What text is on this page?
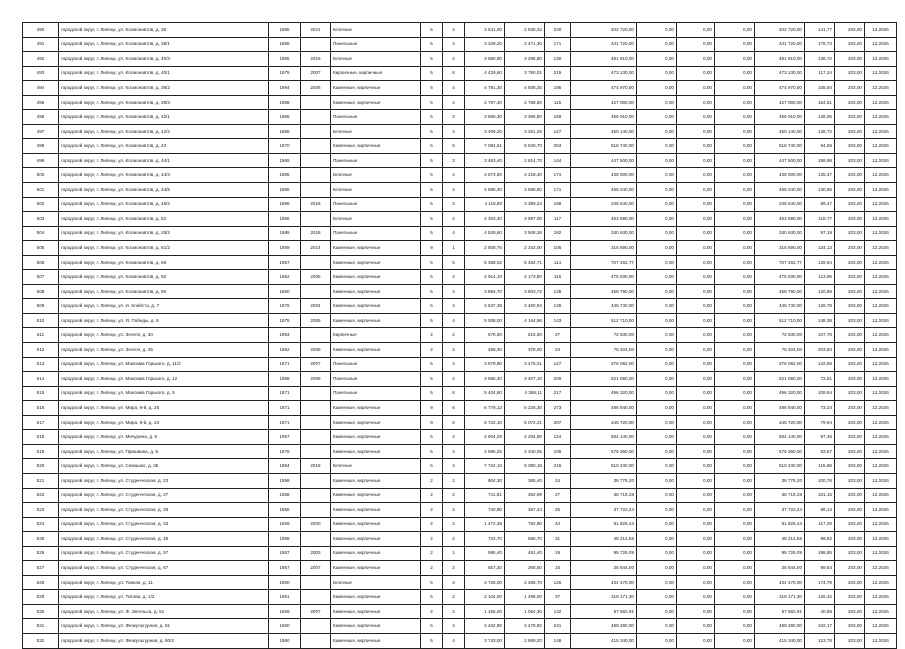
490	городской округ, г. Липецк, ул. Космонавтов, д. 36	1965	2021	Блочные	5	4	3 541,00	2 836,32	240	402 720,00	0,00	0,00	0,00	402 720,00	141,77	203,00	12.2026
491	городской округ, г. Липецк, ул. Космонавтов, д. 38/1	1965		Панельные	5	4	3 328,20	2 471,30	171	441 720,00	0,00	0,00	0,00	441 720,00	178,73	203,00	12.2026
492	городской округ, г. Липецк, ул. Космонавтов, д. 40/3	1965	2016	Блочные	5	4	3 880,90	3 286,80	130	481 910,00	0,00	0,00	0,00	481 910,00	136,72	203,00	12.2026
493	городской округ, г. Липецк, ул. Космонавтов, д. 40/1	1975	2007	Кирпичные, кирпичные	5	6	4 429,60	3 790,01	215	473 130,00	0,00	0,00	0,00	473 130,00	117,24	203,00	12.2026
494	городской округ, г. Липецк, ул. Космонавтов, д. 39/2	1964	2006	Каменные, кирпичные	5	4	4 791,30	4 508,25	195	474 970,00	0,00	0,00	0,00	474 970,00	105,94	203,00	12.2026
495	городской округ, г. Липецк, ул. Космонавтов, д. 39/3	1968		Каменные, кирпичные	5	4	2 797,40	2 768,50	115	427 060,00	0,00	0,00	0,00	427 060,00	154,51	203,00	12.2026
496	городской округ, г. Липецк, ул. Космонавтов, д. 42/1	1965		Панельные	5	3	3 565,30	3 366,80	159	456 910,00	0,00	0,00	0,00	456 910,00	136,06	203,00	12.2026
497	городской округ, г. Липецк, ул. Космонавтов, д. 42/2	1965		Блочные	5	4	3 409,20	3 261,29	127	450 140,00	0,00	0,00	0,00	450 140,00	138,72	203,00	12.2026
498	городской округ, г. Липецк, ул. Космонавтов, д. 43	1970		Каменные, кирпичные	5	5	7 084,51	5 940,70	263	518 740,00	0,00	0,00	0,00	518 740,00	94,86	203,00	12.2026
499	городской округ, г. Липецк, ул. Космонавтов, д. 44/1	1965		Панельные	5	3	3 463,40	2 814,70	144	447 500,00	0,00	0,00	0,00	447 500,00	158,98	203,00	12.2026
500	городской округ, г. Липецк, ул. Космонавтов, д. 44/3	1965		Блочные	5	4	3 673,60	3 218,40	174	436 000,00	0,00	0,00	0,00	436 000,00	135,47	203,00	12.2026
501	городской округ, г. Липецк, ул. Космонавтов, д. 44/5	1966		Блочные	5	4	4 995,40	3 568,60	171	466 240,00	0,00	0,00	0,00	466 240,00	130,65	203,00	12.2026
502	городской округ, г. Липецк, ул. Космонавтов, д. 46/2	1966	2018	Панельные	5	3	4 118,80	3 359,24	168	248 540,00	0,00	0,00	0,00	248 540,00	89,47	203,00	12.2026
503	городской округ, г. Липецк, ул. Космонавтов, д. 52	1966		Блочные	5	4	4 303,40	3 897,00	117	463 590,00	0,00	0,00	0,00	463 590,00	118,77	203,00	12.2026
504	городской округ, г. Липецк, ул. Космонавтов, д. 28/2	1985	2018	Панельные	5	4	4 529,60	3 508,36	182	340 630,00	0,00	0,00	0,00	340 630,00	97,19	203,00	12.2026
505	городской округ, г. Липецк, ул. Космонавтов, д. 61/2	1959	2014	Каменные, кирпичные	9	1	2 808,76	2 342,00	106	316 690,00	0,00	0,00	0,00	316 690,00	134,13	203,00	12.2026
506	городской округ, г. Липецк, ул. Космонавтов, д. 66	1957		Каменные, кирпичные	5	5	5 368,02	5 484,71	114	707 462,77	0,00	0,00	0,00	707 462,77	128,94	203,00	12.2026
507	городской округ, г. Липецк, ул. Космонавтов, д. 92	1962	2005	Каменные, кирпичные	5	4	4 914,10	4 173,80	116	475 930,00	0,00	0,00	0,00	475 930,00	113,96	203,00	12.2026
508	городской округ, г. Липецк, ул. Космонавтов, д. 90	1960		Каменные, кирпичные	5	4	3 894,70	3 803,72	136	458 780,00	0,00	0,00	0,00	458 780,00	120,59	203,00	12.2026
509	городской округ, г. Липецк, ул. И. Клейста, д. 7	1976	2004	Каменные, кирпичные	5	4	4 537,38	3 460,94	136	445 730,00	0,00	0,00	0,00	445 730,00	128,78	203,00	12.2026
510	городской округ, г. Липецк, ул. Я. Победы, д. 9	1975	2005	Каменные, кирпичные	5	4	5 008,00	4 164,96	143	512 710,00	0,00	0,00	0,00	512 710,00	148,38	203,00	12.2026
511	городской округ, г. Липецк, ул. Зегеля, д. 30	1954		Кирпичные	2	2	676,90	615,90	27	72 830,00	0,00	0,00	0,00	72 830,00	107,79	203,00	12.2026
512	городской округ, г. Липецк, ул. Зегеля, д. 45	1952	2008	Каменные, кирпичные	2	2	458,30	378,00	24	76 404,00	0,00	0,00	0,00	76 404,00	203,64	203,00	12.2026
513	городской округ, г. Липецк, ул. Максима Горького, д. 11/2	1971	2007	Панельные	5	4	3 879,90	3 476,01	127	376 082,00	0,00	0,00	0,00	376 082,00	142,58	203,00	12.2026
514	городской округ, г. Липецк, ул. Максима Горького, д. 12	1968	2009	Панельные	5	4	3 655,40	3 407,10	209	521 050,00	0,00	0,00	0,00	521 050,00	72,61	203,00	12.2026
515	городской округ, г. Липецк, ул. Максима Горького, д. 5	1971		Панельные	5	6	5 404,80	4 368,11	217	496 320,00	0,00	0,00	0,00	496 320,00	109,64	203,00	12.2026
516	городской округ, г. Липецк, ул. Мира, 9-й, д. 25	1971		Каменные, кирпичные	9	6	6 779,13	5 225,30	273	496 940,00	0,00	0,00	0,00	496 940,00	73,34	203,00	12.2026
517	городской округ, г. Липецк, ул. Мира, 9-й, д. 34	1971		Каменные, кирпичные	9	6	6 722,10	5 072,21	287	445 720,00	0,00	0,00	0,00	445 720,00	79,94	203,00	12.2026
518	городской округ, г. Липецк, ул. Мичурина, д. 5	1967		Каменные, кирпичные	5	4	4 604,29	4 204,90	124	584 140,00	0,00	0,00	0,00	584 140,00	97,46	203,00	12.2026
519	городской округ, г. Липецк, ул. Пришвина, д. 5	1975		Каменные, кирпичные	5	4	4 986,25	4 340,05	105	576 360,00	0,00	0,00	0,00	576 360,00	83,57	203,00	12.2026
520	городской округ, г. Липецк, ул. Семашко, д. 35	1964	2018	Блочные	5	4	7 724,10	6 390,15	215	510 230,00	0,00	0,00	0,00	510 230,00	115,86	203,00	12.2026
521	городской округ, г. Липецк, ул. Студенческая, д. 23	1958		Каменные, кирпичные	2	2	804,30	385,40	24	38 779,20	0,00	0,00	0,00	38 779,20	100,76	203,00	12.2026
522	городской округ, г. Липецк, ул. Студенческая, д. 27	1958		Каменные, кирпичные	2	2	741,81	362,99	27	36 716,28	0,00	0,00	0,00	36 716,28	101,15	203,00	12.2026
523	городской округ, г. Липецк, ул. Студенческая, д. 29	1956		Каменные, кирпичные	2	2	740,90	367,44	25	37 722,24	0,00	0,00	0,00	37 722,24	88,14	203,00	12.2026
524	городской округ, г. Липецк, ул. Студенческая, д. 43	1959	2000	Каменные, кирпичные	2	2	1 472,39	782,90	44	91 825,44	0,00	0,00	0,00	91 825,44	117,29	203,00	12.2026
525	городской округ, г. Липецк, ул. Студенческая, д. 48	1958		Каменные, кирпичные	2	2	722,70	566,70	31	48 214,56	0,00	0,00	0,00	48 214,56	99,62	203,00	12.2026
526	городской округ, г. Липецк, ул. Студенческая, д. 57	1957	2003	Каменные, кирпичные	2	1	995,40	481,40	19	95 726,09	0,00	0,00	0,00	95 726,09	198,85	203,00	12.2026
527	городской округ, г. Липецк, ул. Студенческая, д. 67	1957	2007	Каменные, кирпичные	2	2	557,20	268,50	15	26 644,00	0,00	0,00	0,00	26 644,00	99,64	203,00	12.2026
528	городской округ, г. Липецк, ул. Танкая, д. 11	1960		Блочные	5	3	3 725,00	2 485,70	126	434 470,00	0,00	0,00	0,00	434 470,00	174,79	203,00	12.2026
529	городской округ, г. Липецк, ул. Титова, д. 1/2	1961		Каменные, кирпичные	5	2	2 104,00	1 495,00	37	316 171,30	0,00	0,00	0,00	316 171,30	126,32	203,00	12.2026
530	городской округ, г. Липецк, ул. Ф. Энгельса, д. 51	1959	2007	Каменные, кирпичные	2	2	1 155,00	1 054,30	132	57 662,91	0,00	0,00	0,00	57 662,91	40,96	203,00	12.2026
531	городской округ, г. Липецк, ул. Физкультурная, д. 81	1960		Каменные, кирпичные	5	4	4 432,90	4 478,60	241	488 280,00	0,00	0,00	0,00	488 280,00	102,17	203,00	12.2026
532	городской округ, г. Липецк, ул. Физкультурная, д. 80/2	1960		Каменные, кирпичные	5	4	3 743,00	2 869,20	146	415 340,00	0,00	0,00	0,00	415 340,00	123,78	203,00	12.2026
